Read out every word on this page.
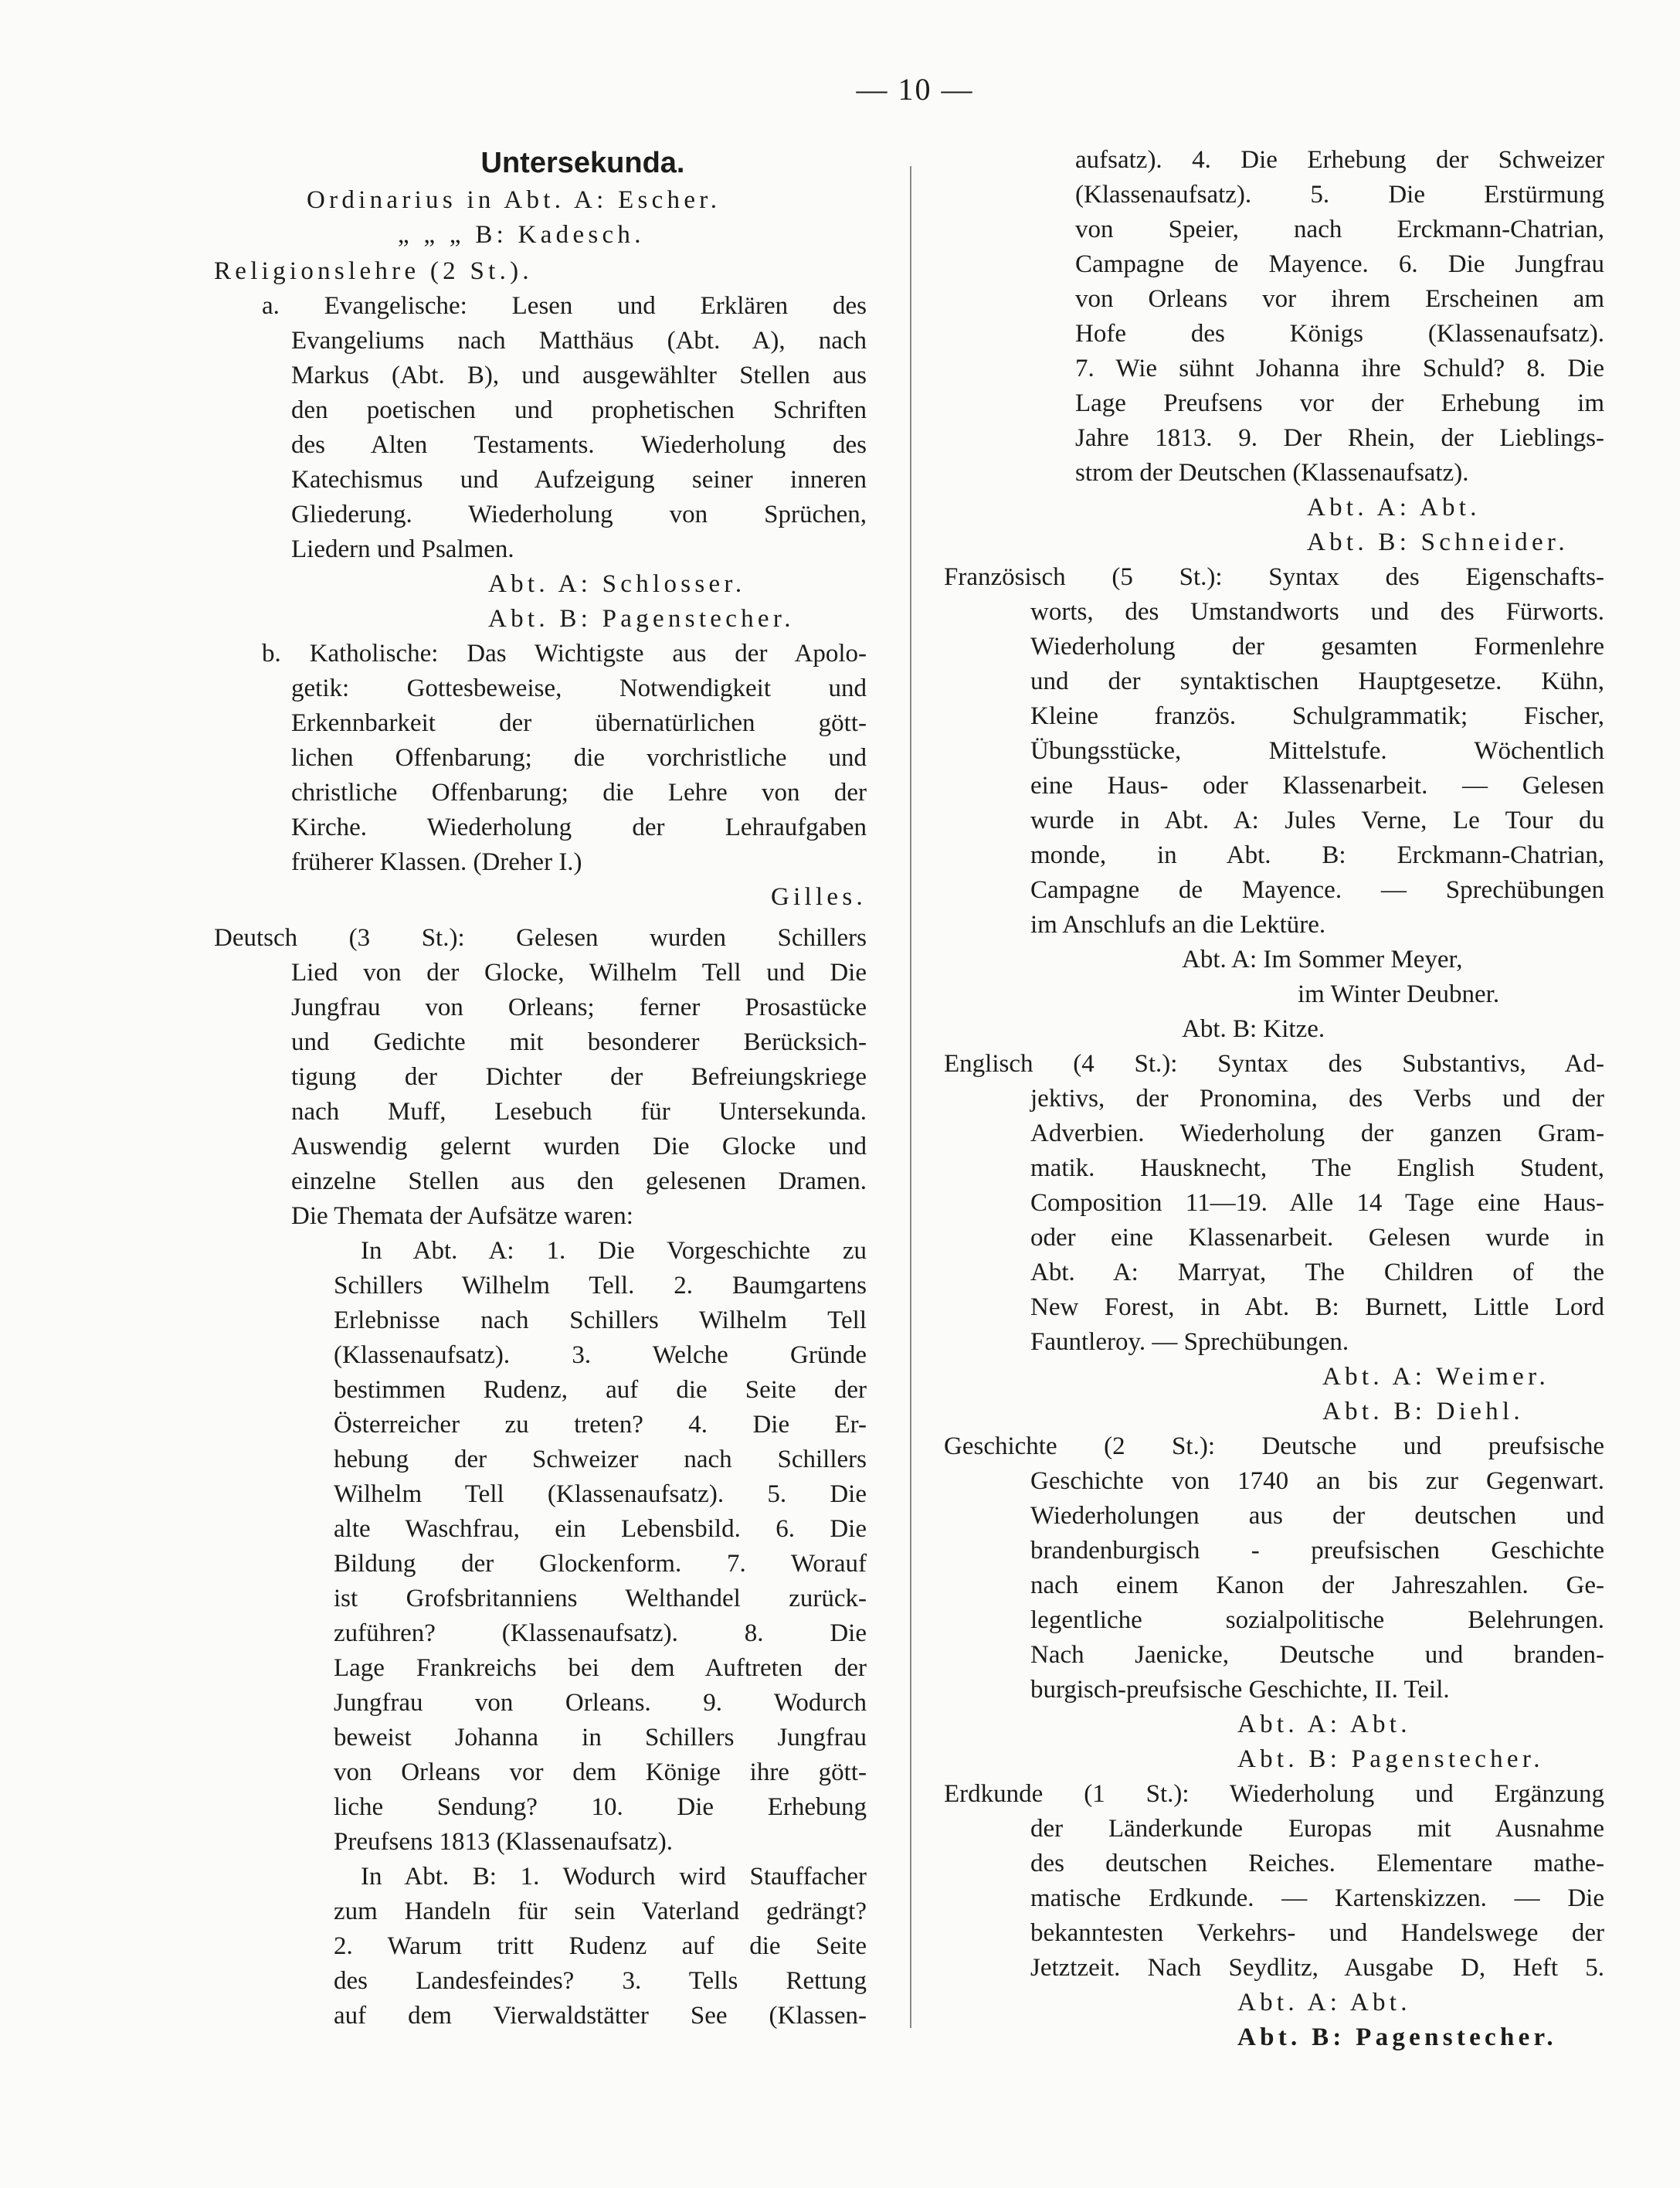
— 10 —
Untersekunda.
Ordinarius in Abt. A: Escher.
„ „ „ B: Kadesch.
Religionslehre (2 St.).
a. Evangelische: Lesen und Erklären des
Evangeliums nach Matthäus (Abt. A), nach
Markus (Abt. B), und ausgewählter Stellen aus
den poetischen und prophetischen Schriften
des Alten Testaments. Wiederholung des
Katechismus und Aufzeigung seiner inneren
Gliederung. Wiederholung von Sprüchen,
Liedern und Psalmen.
Abt. A: Schlosser.
Abt. B: Pagenstecher.
b. Katholische: Das Wichtigste aus der Apolo-
getik: Gottesbeweise, Notwendigkeit und
Erkennbarkeit der übernatürlichen gött-
lichen Offenbarung; die vorchristliche und
christliche Offenbarung; die Lehre von der
Kirche. Wiederholung der Lehraufgaben
früherer Klassen. (Dreher I.)
Gilles.
Deutsch (3 St.): Gelesen wurden Schillers
Lied von der Glocke, Wilhelm Tell und Die
Jungfrau von Orleans; ferner Prosastücke
und Gedichte mit besonderer Berücksich-
tigung der Dichter der Befreiungskriege
nach Muff, Lesebuch für Untersekunda.
Auswendig gelernt wurden Die Glocke und
einzelne Stellen aus den gelesenen Dramen.
Die Themata der Aufsätze waren:
In Abt. A: 1. Die Vorgeschichte zu
Schillers Wilhelm Tell. 2. Baumgartens
Erlebnisse nach Schillers Wilhelm Tell
(Klassenaufsatz). 3. Welche Gründe
bestimmen Rudenz, auf die Seite der
Österreicher zu treten? 4. Die Er-
hebung der Schweizer nach Schillers
Wilhelm Tell (Klassenaufsatz). 5. Die
alte Waschfrau, ein Lebensbild. 6. Die
Bildung der Glockenform. 7. Worauf
ist Grofsbritanniens Welthandel zurück-
zuführen? (Klassenaufsatz). 8. Die
Lage Frankreichs bei dem Auftreten der
Jungfrau von Orleans. 9. Wodurch
beweist Johanna in Schillers Jungfrau
von Orleans vor dem Könige ihre gött-
liche Sendung? 10. Die Erhebung
Preufsens 1813 (Klassenaufsatz).
In Abt. B: 1. Wodurch wird Stauffacher
zum Handeln für sein Vaterland gedrängt?
2. Warum tritt Rudenz auf die Seite
des Landesfeindes? 3. Tells Rettung
auf dem Vierwaldstätter See (Klassen-
aufsatz). 4. Die Erhebung der Schweizer
(Klassenaufsatz). 5. Die Erstürmung
von Speier, nach Erckmann-Chatrian,
Campagne de Mayence. 6. Die Jungfrau
von Orleans vor ihrem Erscheinen am
Hofe des Königs (Klassenaufsatz).
7. Wie sühnt Johanna ihre Schuld? 8. Die
Lage Preufsens vor der Erhebung im
Jahre 1813. 9. Der Rhein, der Lieblings-
strom der Deutschen (Klassenaufsatz).
Abt. A: Abt.
Abt. B: Schneider.
Französisch (5 St.): Syntax des Eigenschafts-
worts, des Umstandworts und des Fürworts.
Wiederholung der gesamten Formenlehre
und der syntaktischen Hauptgesetze. Kühn,
Kleine französ. Schulgrammatik; Fischer,
Übungsstücke, Mittelstufe. Wöchentlich
eine Haus- oder Klassenarbeit. — Gelesen
wurde in Abt. A: Jules Verne, Le Tour du
monde, in Abt. B: Erckmann-Chatrian,
Campagne de Mayence. — Sprechübungen
im Anschlufs an die Lektüre.
Abt. A: Im Sommer Meyer,
im Winter Deubner.
Abt. B: Kitze.
Englisch (4 St.): Syntax des Substantivs, Ad-
jektivs, der Pronomina, des Verbs und der
Adverbien. Wiederholung der ganzen Gram-
matik. Hausknecht, The English Student,
Composition 11—19. Alle 14 Tage eine Haus-
oder eine Klassenarbeit. Gelesen wurde in
Abt. A: Marryat, The Children of the
New Forest, in Abt. B: Burnett, Little Lord
Fauntleroy. — Sprechübungen.
Abt. A: Weimer.
Abt. B: Diehl.
Geschichte (2 St.): Deutsche und preufsische
Geschichte von 1740 an bis zur Gegenwart.
Wiederholungen aus der deutschen und
brandenburgisch - preufsischen Geschichte
nach einem Kanon der Jahreszahlen. Ge-
legentliche sozialpolitische Belehrungen.
Nach Jaenicke, Deutsche und branden-
burgisch-preufsische Geschichte, II. Teil.
Abt. A: Abt.
Abt. B: Pagenstecher.
Erdkunde (1 St.): Wiederholung und Ergänzung
der Länderkunde Europas mit Ausnahme
des deutschen Reiches. Elementare mathe-
matische Erdkunde. — Kartenskizzen. — Die
bekanntesten Verkehrs- und Handelswege der
Jetztzeit. Nach Seydlitz, Ausgabe D, Heft 5.
Abt. A: Abt.
Abt. B: Pagenstecher.
